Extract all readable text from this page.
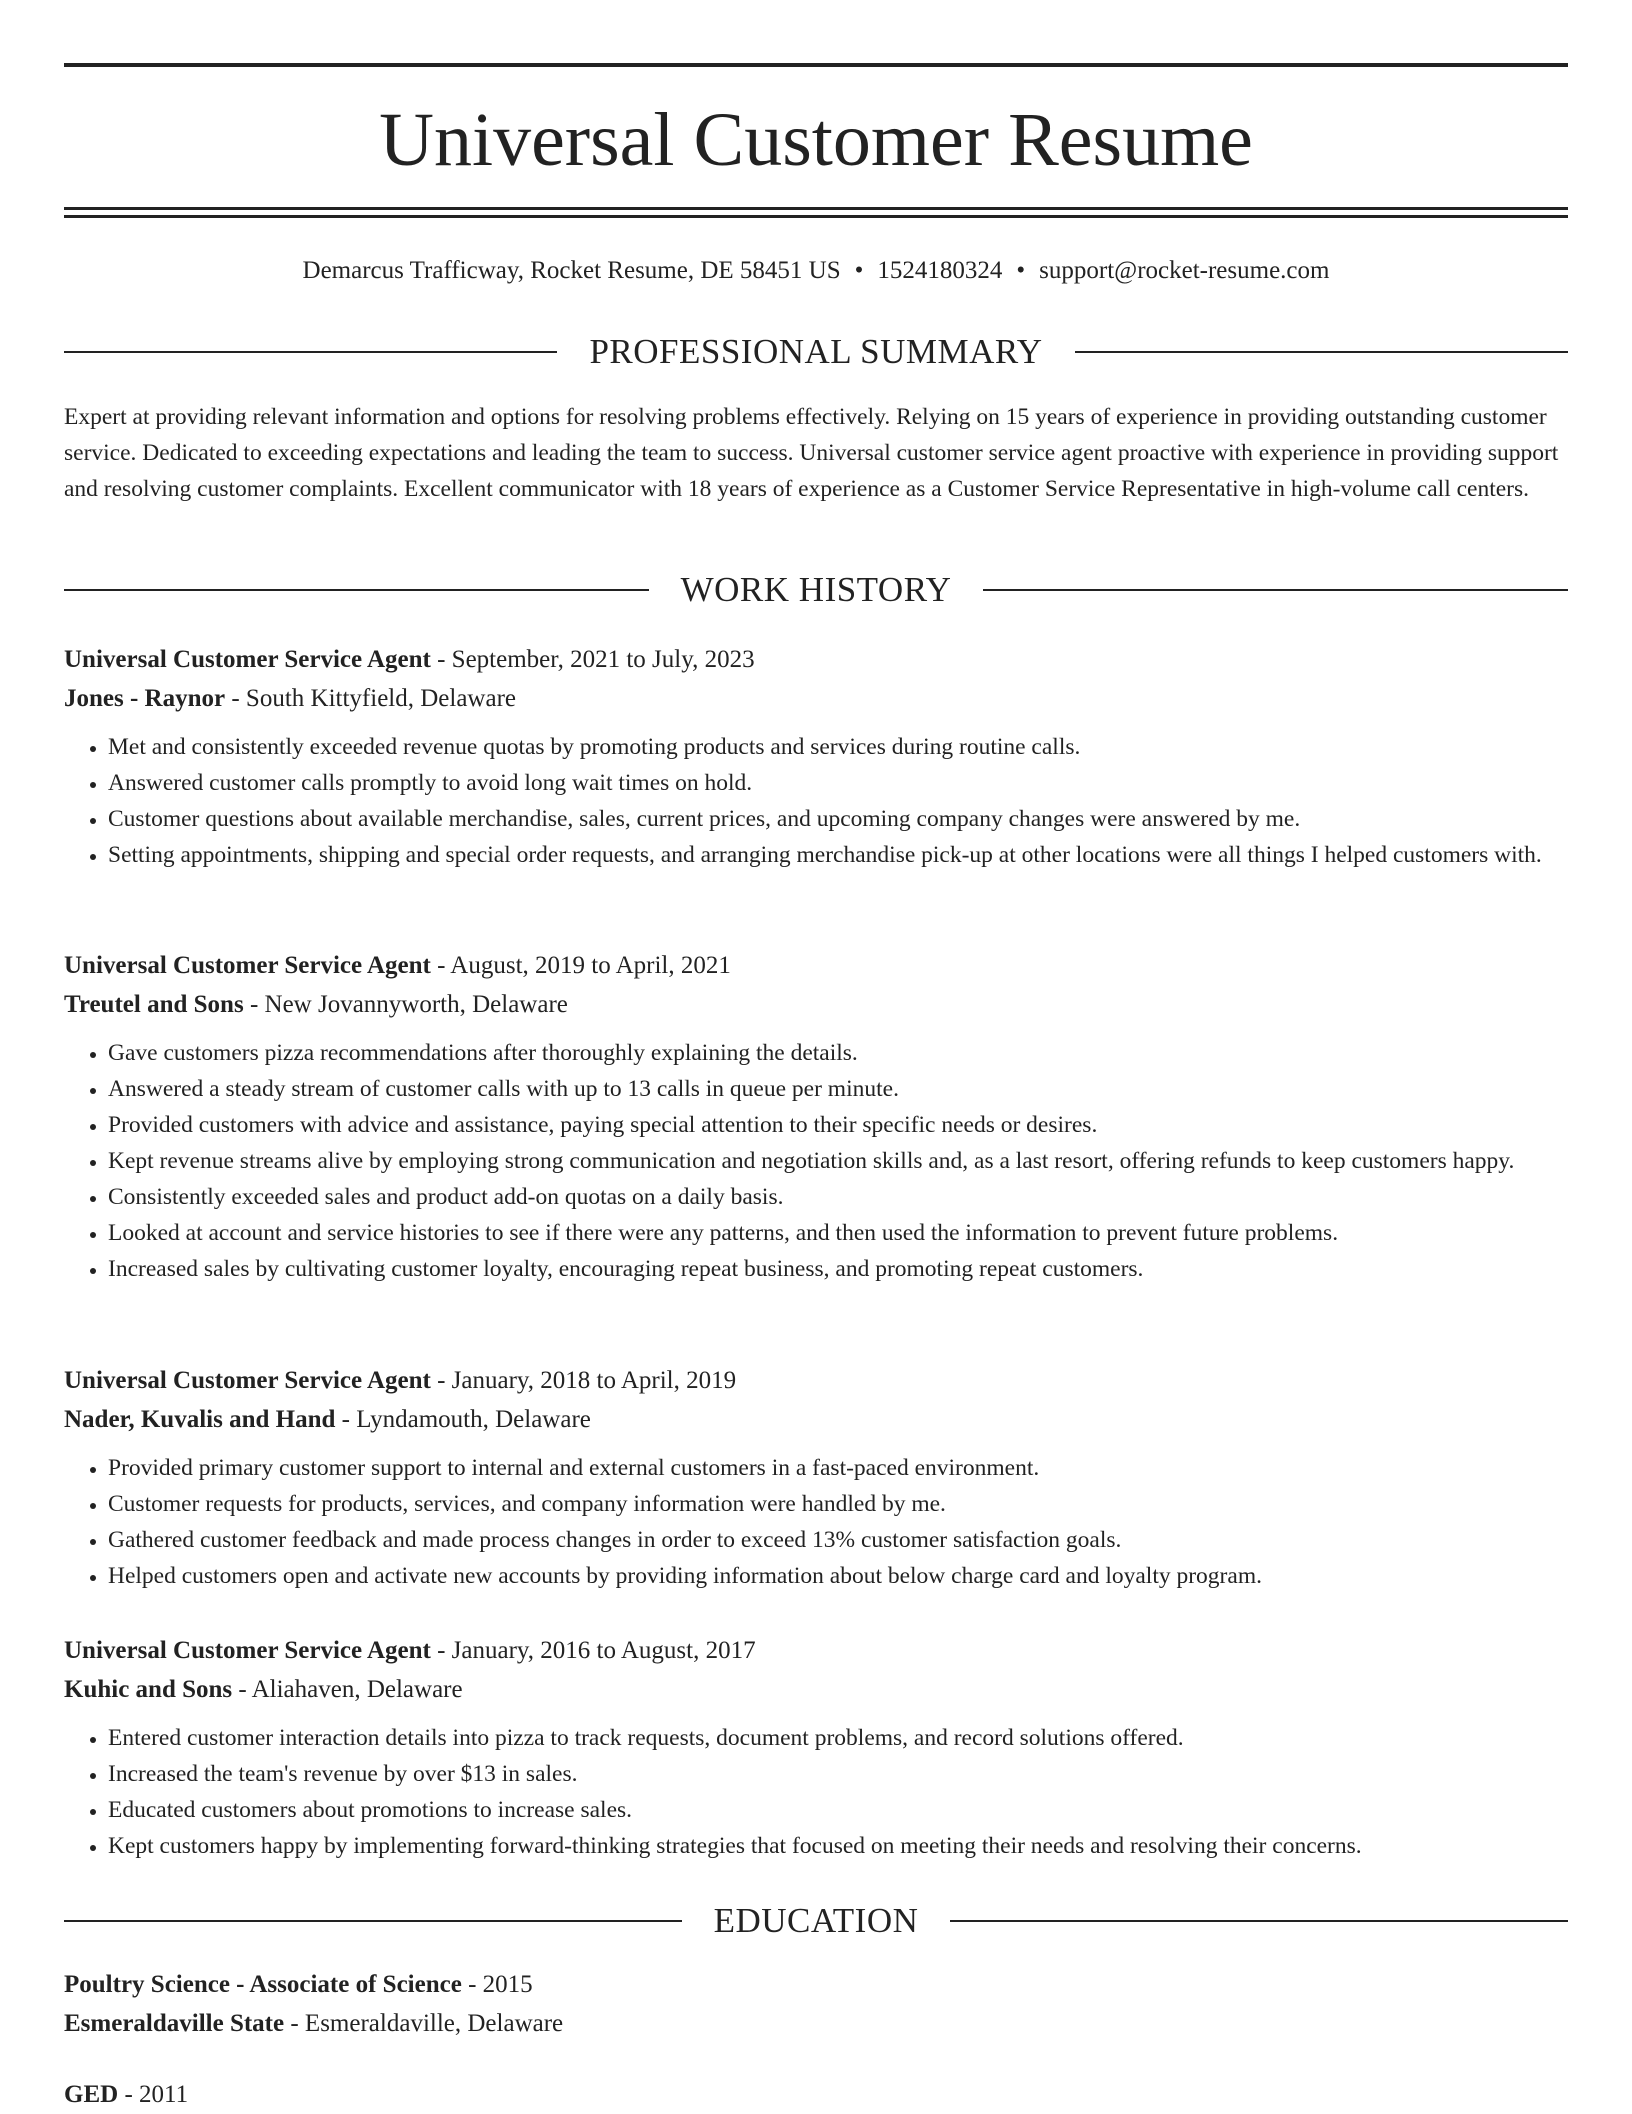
Universal Customer Resume
Demarcus Trafficway, Rocket Resume, DE 58451 US • 1524180324 • support@rocket-resume.com
PROFESSIONAL SUMMARY

Expert at providing relevant information and options for resolving problems effectively. Relying on 15 years of experience in providing outstanding customer service. Dedicated to exceeding expectations and leading the team to success. Universal customer service agent proactive with experience in providing support and resolving customer complaints. Excellent communicator with 18 years of experience as a Customer Service Representative in high-volume call centers.

WORK HISTORY
Universal Customer Service Agent - September, 2021 to July, 2023
Jones - Raynor - South Kittyfield, Delaware
• Met and consistently exceeded revenue quotas by promoting products and services during routine calls.
• Answered customer calls promptly to avoid long wait times on hold.
• Customer questions about available merchandise, sales, current prices, and upcoming company changes were answered by me.
• Setting appointments, shipping and special order requests, and arranging merchandise pick-up at other locations were all things I helped customers with.
Universal Customer Service Agent - August, 2019 to April, 2021
Treutel and Sons - New Jovannyworth, Delaware
• Gave customers pizza recommendations after thoroughly explaining the details.
• Answered a steady stream of customer calls with up to 13 calls in queue per minute.
• Provided customers with advice and assistance, paying special attention to their specific needs or desires.
• Kept revenue streams alive by employing strong communication and negotiation skills and, as a last resort, offering refunds to keep customers happy.
• Consistently exceeded sales and product add-on quotas on a daily basis.
• Looked at account and service histories to see if there were any patterns, and then used the information to prevent future problems.
• Increased sales by cultivating customer loyalty, encouraging repeat business, and promoting repeat customers.
Universal Customer Service Agent - January, 2018 to April, 2019
Nader, Kuvalis and Hand - Lyndamouth, Delaware
• Provided primary customer support to internal and external customers in a fast-paced environment.
• Customer requests for products, services, and company information were handled by me.
• Gathered customer feedback and made process changes in order to exceed 13% customer satisfaction goals.
• Helped customers open and activate new accounts by providing information about below charge card and loyalty program.
Universal Customer Service Agent - January, 2016 to August, 2017
Kuhic and Sons - Aliahaven, Delaware
• Entered customer interaction details into pizza to track requests, document problems, and record solutions offered.
• Increased the team's revenue by over $13 in sales.
• Educated customers about promotions to increase sales.
• Kept customers happy by implementing forward-thinking strategies that focused on meeting their needs and resolving their concerns.
EDUCATION
Poultry Science - Associate of Science - 2015
Esmeraldaville State - Esmeraldaville, Delaware
GED - 2011
